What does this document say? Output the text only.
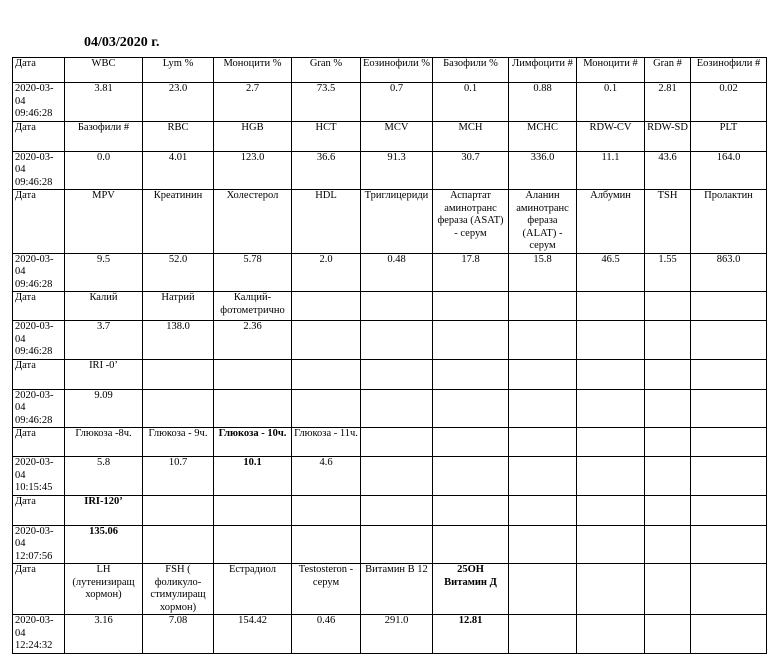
04/03/2020 г.
Дата	WBC	Lym %	Моноцити %	Gran %	Еозинофили %	Базофили %	Лимфоцити #	Моноцити #	Gran #	Еозинофили #
2020-03-04 09:46:28	3.81	23.0	2.7	73.5	0.7	0.1	0.88	0.1	2.81	0.02
Дата	Базофили #	RBC	HGB	HCT	MCV	MCH	MCHC	RDW-CV	RDW-SD	PLT
2020-03-04 09:46:28	0.0	4.01	123.0	36.6	91.3	30.7	336.0	11.1	43.6	164.0
Дата	MPV	Креатинин	Холестерол	HDL	Триглицериди	Аспартат аминотранс фераза (ASAT) - серум	Аланин аминотранс фераза (ALAT) - серум	Албумин	TSH	Пролактин
2020-03-04 09:46:28	9.5	52.0	5.78	2.0	0.48	17.8	15.8	46.5	1.55	863.0
Дата	Калий	Натрий	Калций-фотометрично							
2020-03-04 09:46:28	3.7	138.0	2.36							
Дата	IRI -0’									
2020-03-04 09:46:28	9.09									
Дата	Глюкоза -8ч.	Глюкоза - 9ч.	Глюкоза - 10ч.	Глюкоза - 11ч.						
2020-03-04 10:15:45	5.8	10.7	10.1	4.6						
Дата	IRI-120’									
2020-03-04 12:07:56	135.06									
Дата	LH (лутенизиращ хормон)	FSH ( фоликуло-стимулиращ хормон)	Естрадиол	Testosteron - серум	Витамин В 12	25ОН Витамин Д				
2020-03-04 12:24:32	3.16	7.08	154.42	0.46	291.0	12.81				
